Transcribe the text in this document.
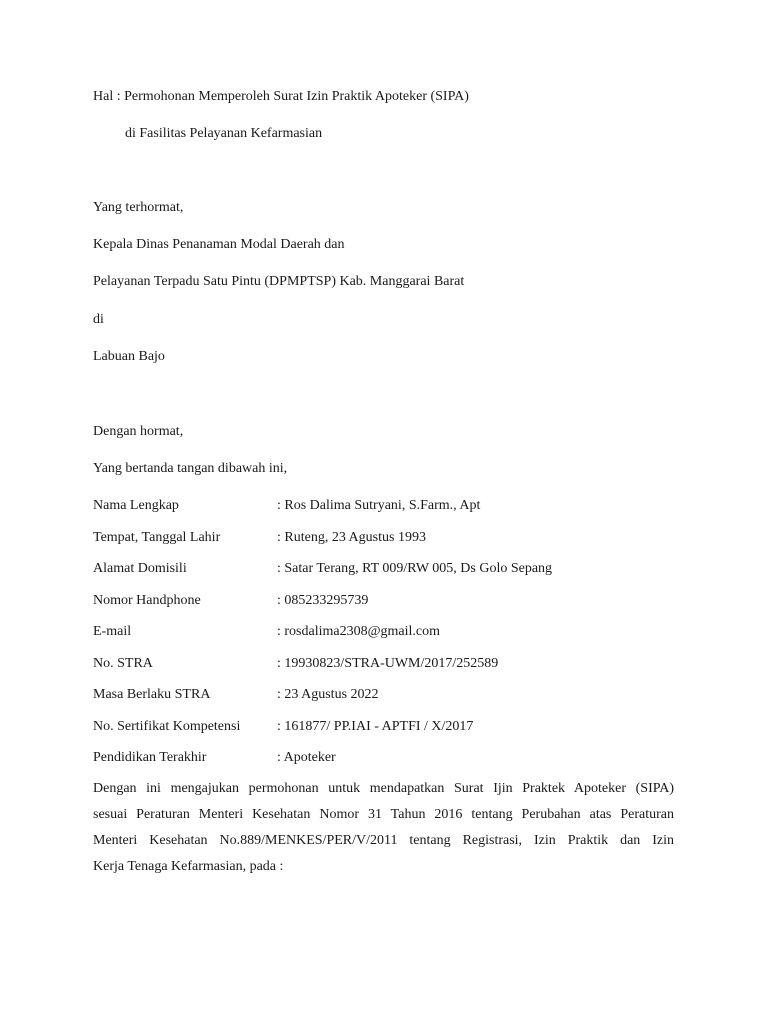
Hal : Permohonan Memperoleh Surat Izin Praktik Apoteker (SIPA)
di Fasilitas Pelayanan Kefarmasian
Yang terhormat,
Kepala Dinas Penanaman Modal Daerah dan
Pelayanan Terpadu Satu Pintu (DPMPTSP) Kab. Manggarai Barat
di
Labuan Bajo
Dengan hormat,
Yang bertanda tangan dibawah ini,
Nama Lengkap	: Ros Dalima Sutryani, S.Farm., Apt
Tempat, Tanggal Lahir	: Ruteng, 23 Agustus 1993
Alamat Domisili	: Satar Terang, RT 009/RW 005, Ds Golo Sepang
Nomor Handphone	: 085233295739
E-mail	: rosdalima2308@gmail.com
No. STRA	: 19930823/STRA-UWM/2017/252589
Masa Berlaku STRA	: 23 Agustus 2022
No. Sertifikat Kompetensi	: 161877/ PP.IAI - APTFI / X/2017
Pendidikan Terakhir	: Apoteker
Dengan ini mengajukan permohonan untuk mendapatkan Surat Ijin Praktek Apoteker (SIPA)
sesuai Peraturan Menteri Kesehatan Nomor 31 Tahun 2016 tentang Perubahan atas Peraturan
Menteri Kesehatan No.889/MENKES/PER/V/2011 tentang Registrasi, Izin Praktik dan Izin
Kerja Tenaga Kefarmasian, pada :
